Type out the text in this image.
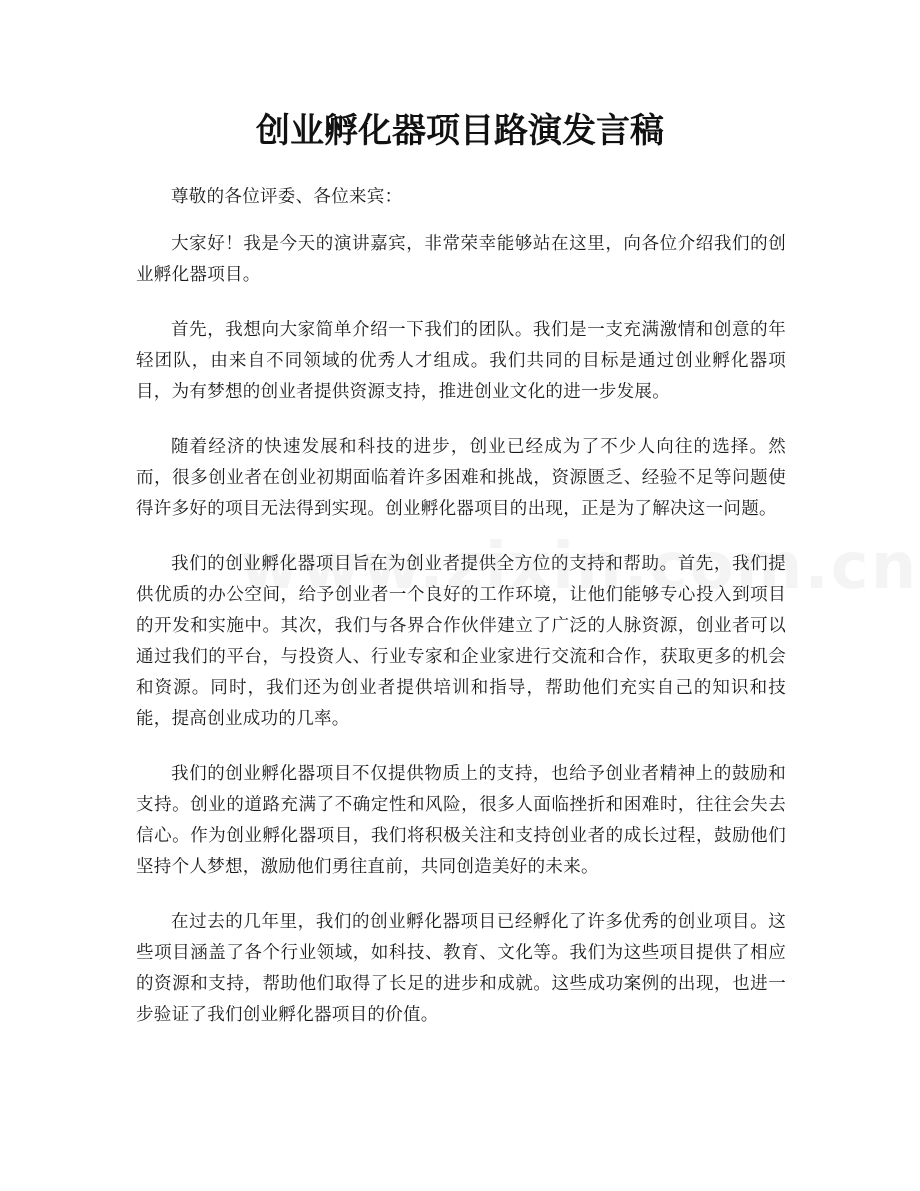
创业孵化器项目路演发言稿

尊敬的各位评委、各位来宾：

大家好！我是今天的演讲嘉宾，非常荣幸能够站在这里，向各位介绍我们的创业孵化器项目。

首先，我想向大家简单介绍一下我们的团队。我们是一支充满激情和创意的年轻团队，由来自不同领域的优秀人才组成。我们共同的目标是通过创业孵化器项目，为有梦想的创业者提供资源支持，推进创业文化的进一步发展。

随着经济的快速发展和科技的进步，创业已经成为了不少人向往的选择。然而，很多创业者在创业初期面临着许多困难和挑战，资源匮乏、经验不足等问题使得许多好的项目无法得到实现。创业孵化器项目的出现，正是为了解决这一问题。

我们的创业孵化器项目旨在为创业者提供全方位的支持和帮助。首先，我们提供优质的办公空间，给予创业者一个良好的工作环境，让他们能够专心投入到项目的开发和实施中。其次，我们与各界合作伙伴建立了广泛的人脉资源，创业者可以通过我们的平台，与投资人、行业专家和企业家进行交流和合作，获取更多的机会和资源。同时，我们还为创业者提供培训和指导，帮助他们充实自己的知识和技能，提高创业成功的几率。

我们的创业孵化器项目不仅提供物质上的支持，也给予创业者精神上的鼓励和支持。创业的道路充满了不确定性和风险，很多人面临挫折和困难时，往往会失去信心。作为创业孵化器项目，我们将积极关注和支持创业者的成长过程，鼓励他们坚持个人梦想，激励他们勇往直前，共同创造美好的未来。

在过去的几年里，我们的创业孵化器项目已经孵化了许多优秀的创业项目。这些项目涵盖了各个行业领域，如科技、教育、文化等。我们为这些项目提供了相应的资源和支持，帮助他们取得了长足的进步和成就。这些成功案例的出现，也进一步验证了我们创业孵化器项目的价值。
